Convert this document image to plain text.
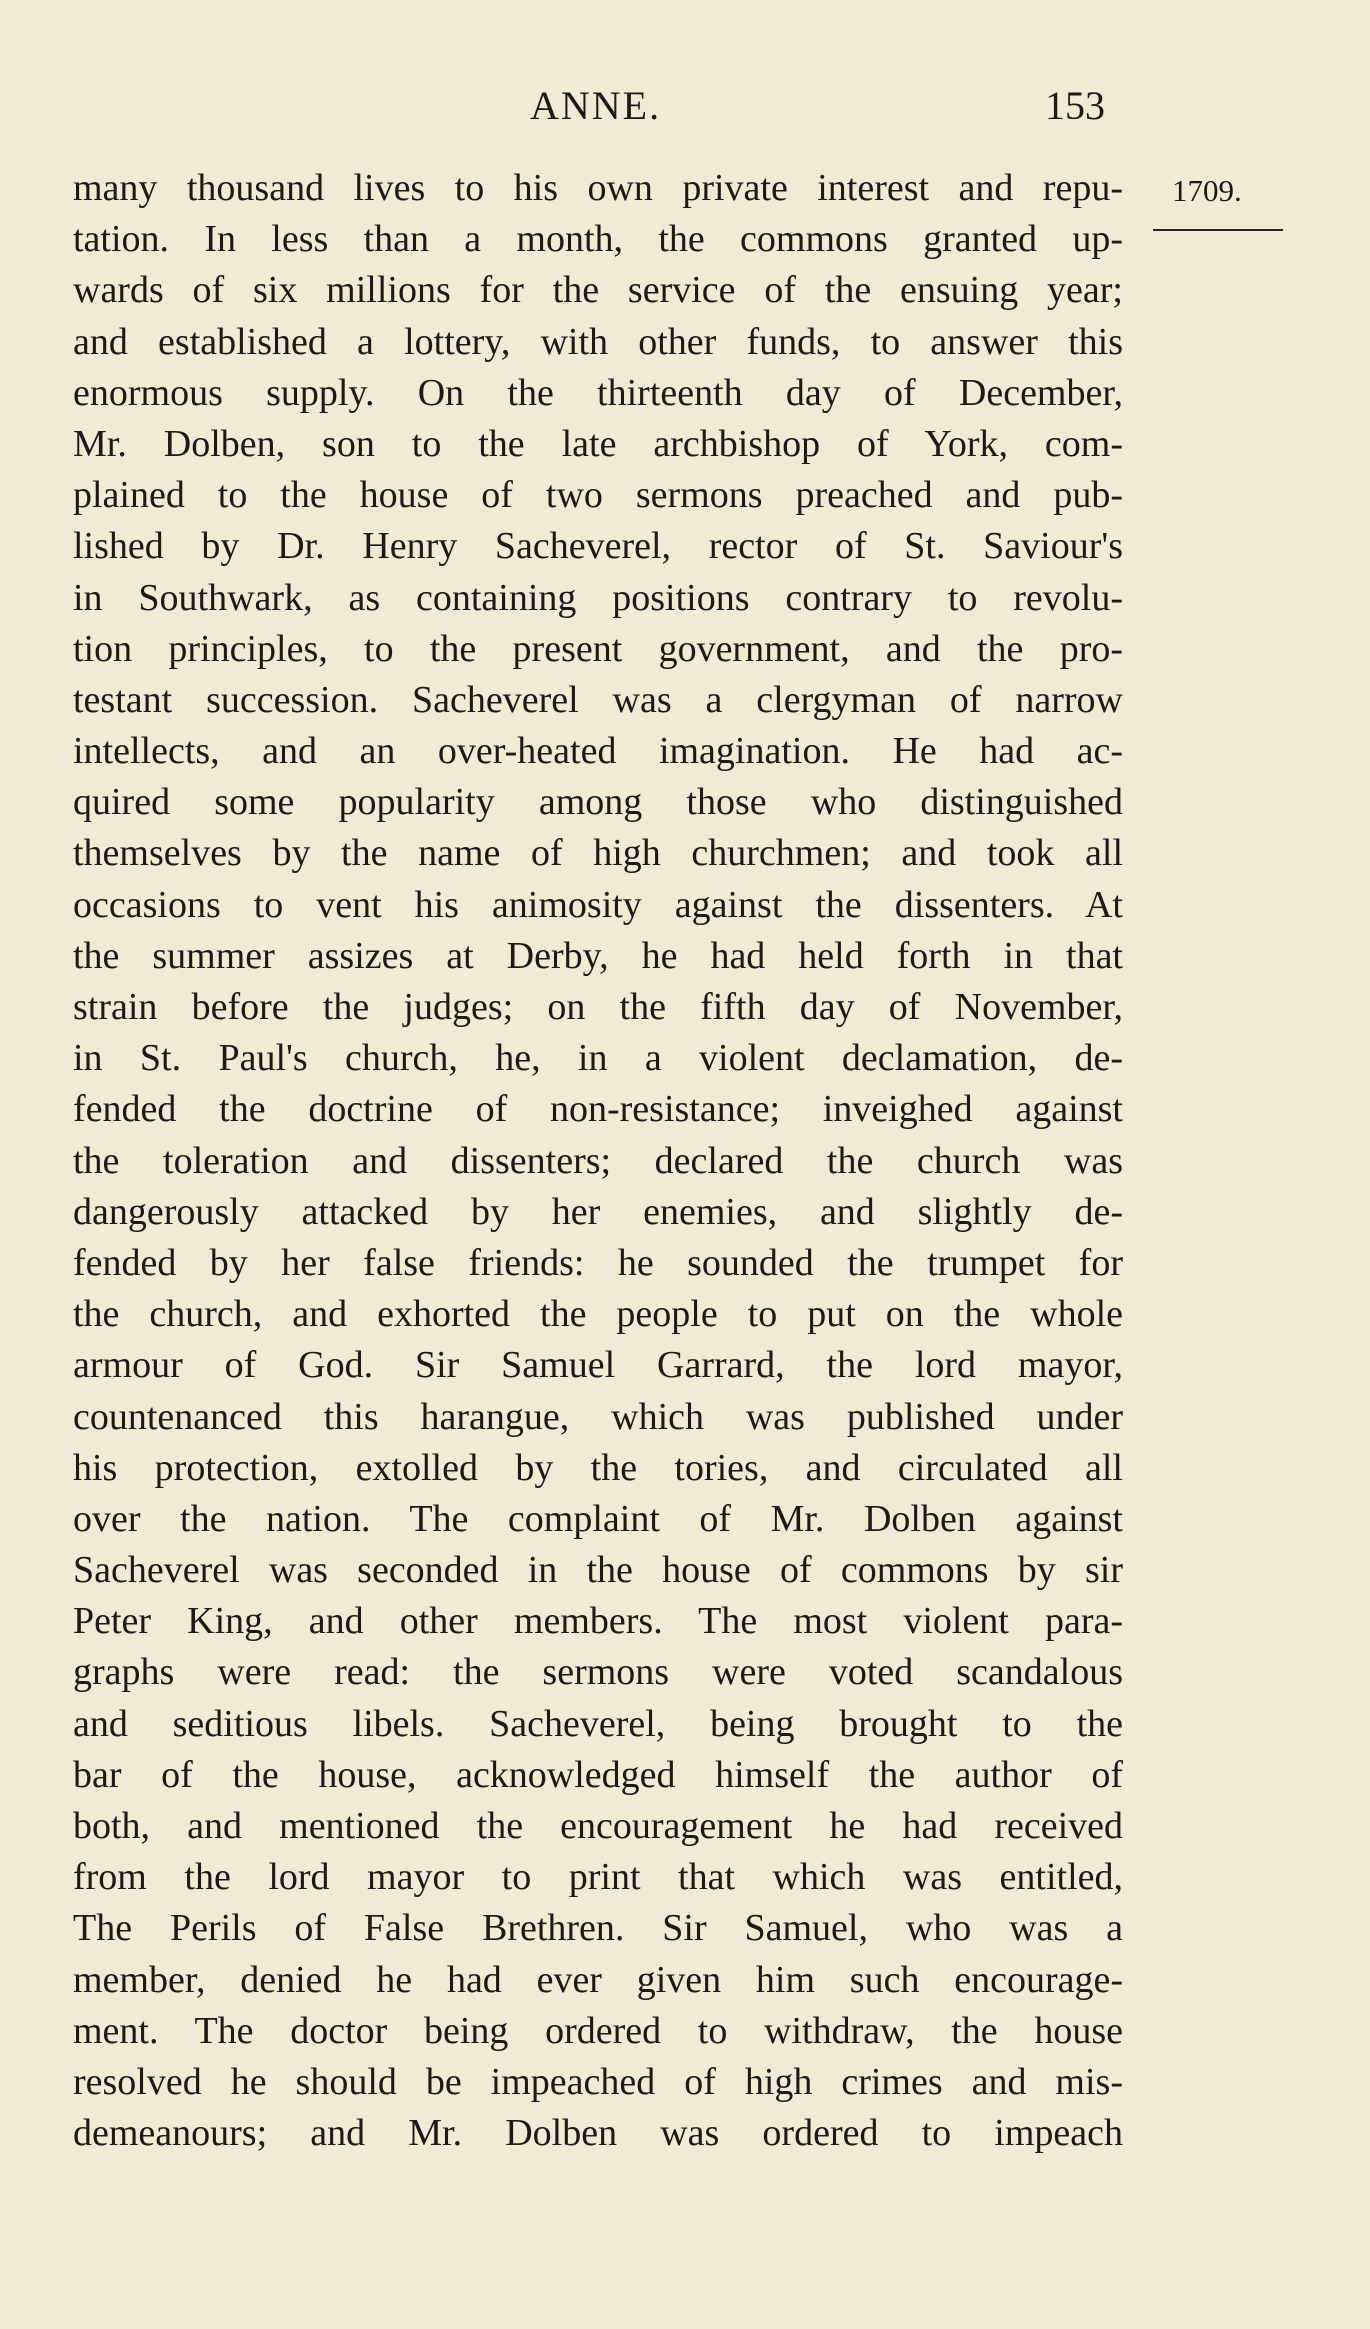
ANNE.	153
1709.
many thousand lives to his own private interest and repu-
tation. In less than a month, the commons granted up-
wards of six millions for the service of the ensuing year;
and established a lottery, with other funds, to answer this
enormous supply. On the thirteenth day of December,
Mr. Dolben, son to the late archbishop of York, com-
plained to the house of two sermons preached and pub-
lished by Dr. Henry Sacheverel, rector of St. Saviour's
in Southwark, as containing positions contrary to revolu-
tion principles, to the present government, and the pro-
testant succession. Sacheverel was a clergyman of narrow
intellects, and an over-heated imagination. He had ac-
quired some popularity among those who distinguished
themselves by the name of high churchmen; and took all
occasions to vent his animosity against the dissenters. At
the summer assizes at Derby, he had held forth in that
strain before the judges; on the fifth day of November,
in St. Paul's church, he, in a violent declamation, de-
fended the doctrine of non-resistance; inveighed against
the toleration and dissenters; declared the church was
dangerously attacked by her enemies, and slightly de-
fended by her false friends: he sounded the trumpet for
the church, and exhorted the people to put on the whole
armour of God. Sir Samuel Garrard, the lord mayor,
countenanced this harangue, which was published under
his protection, extolled by the tories, and circulated all
over the nation. The complaint of Mr. Dolben against
Sacheverel was seconded in the house of commons by sir
Peter King, and other members. The most violent para-
graphs were read: the sermons were voted scandalous
and seditious libels. Sacheverel, being brought to the
bar of the house, acknowledged himself the author of
both, and mentioned the encouragement he had received
from the lord mayor to print that which was entitled,
The Perils of False Brethren. Sir Samuel, who was a
member, denied he had ever given him such encourage-
ment. The doctor being ordered to withdraw, the house
resolved he should be impeached of high crimes and mis-
demeanours; and Mr. Dolben was ordered to impeach
